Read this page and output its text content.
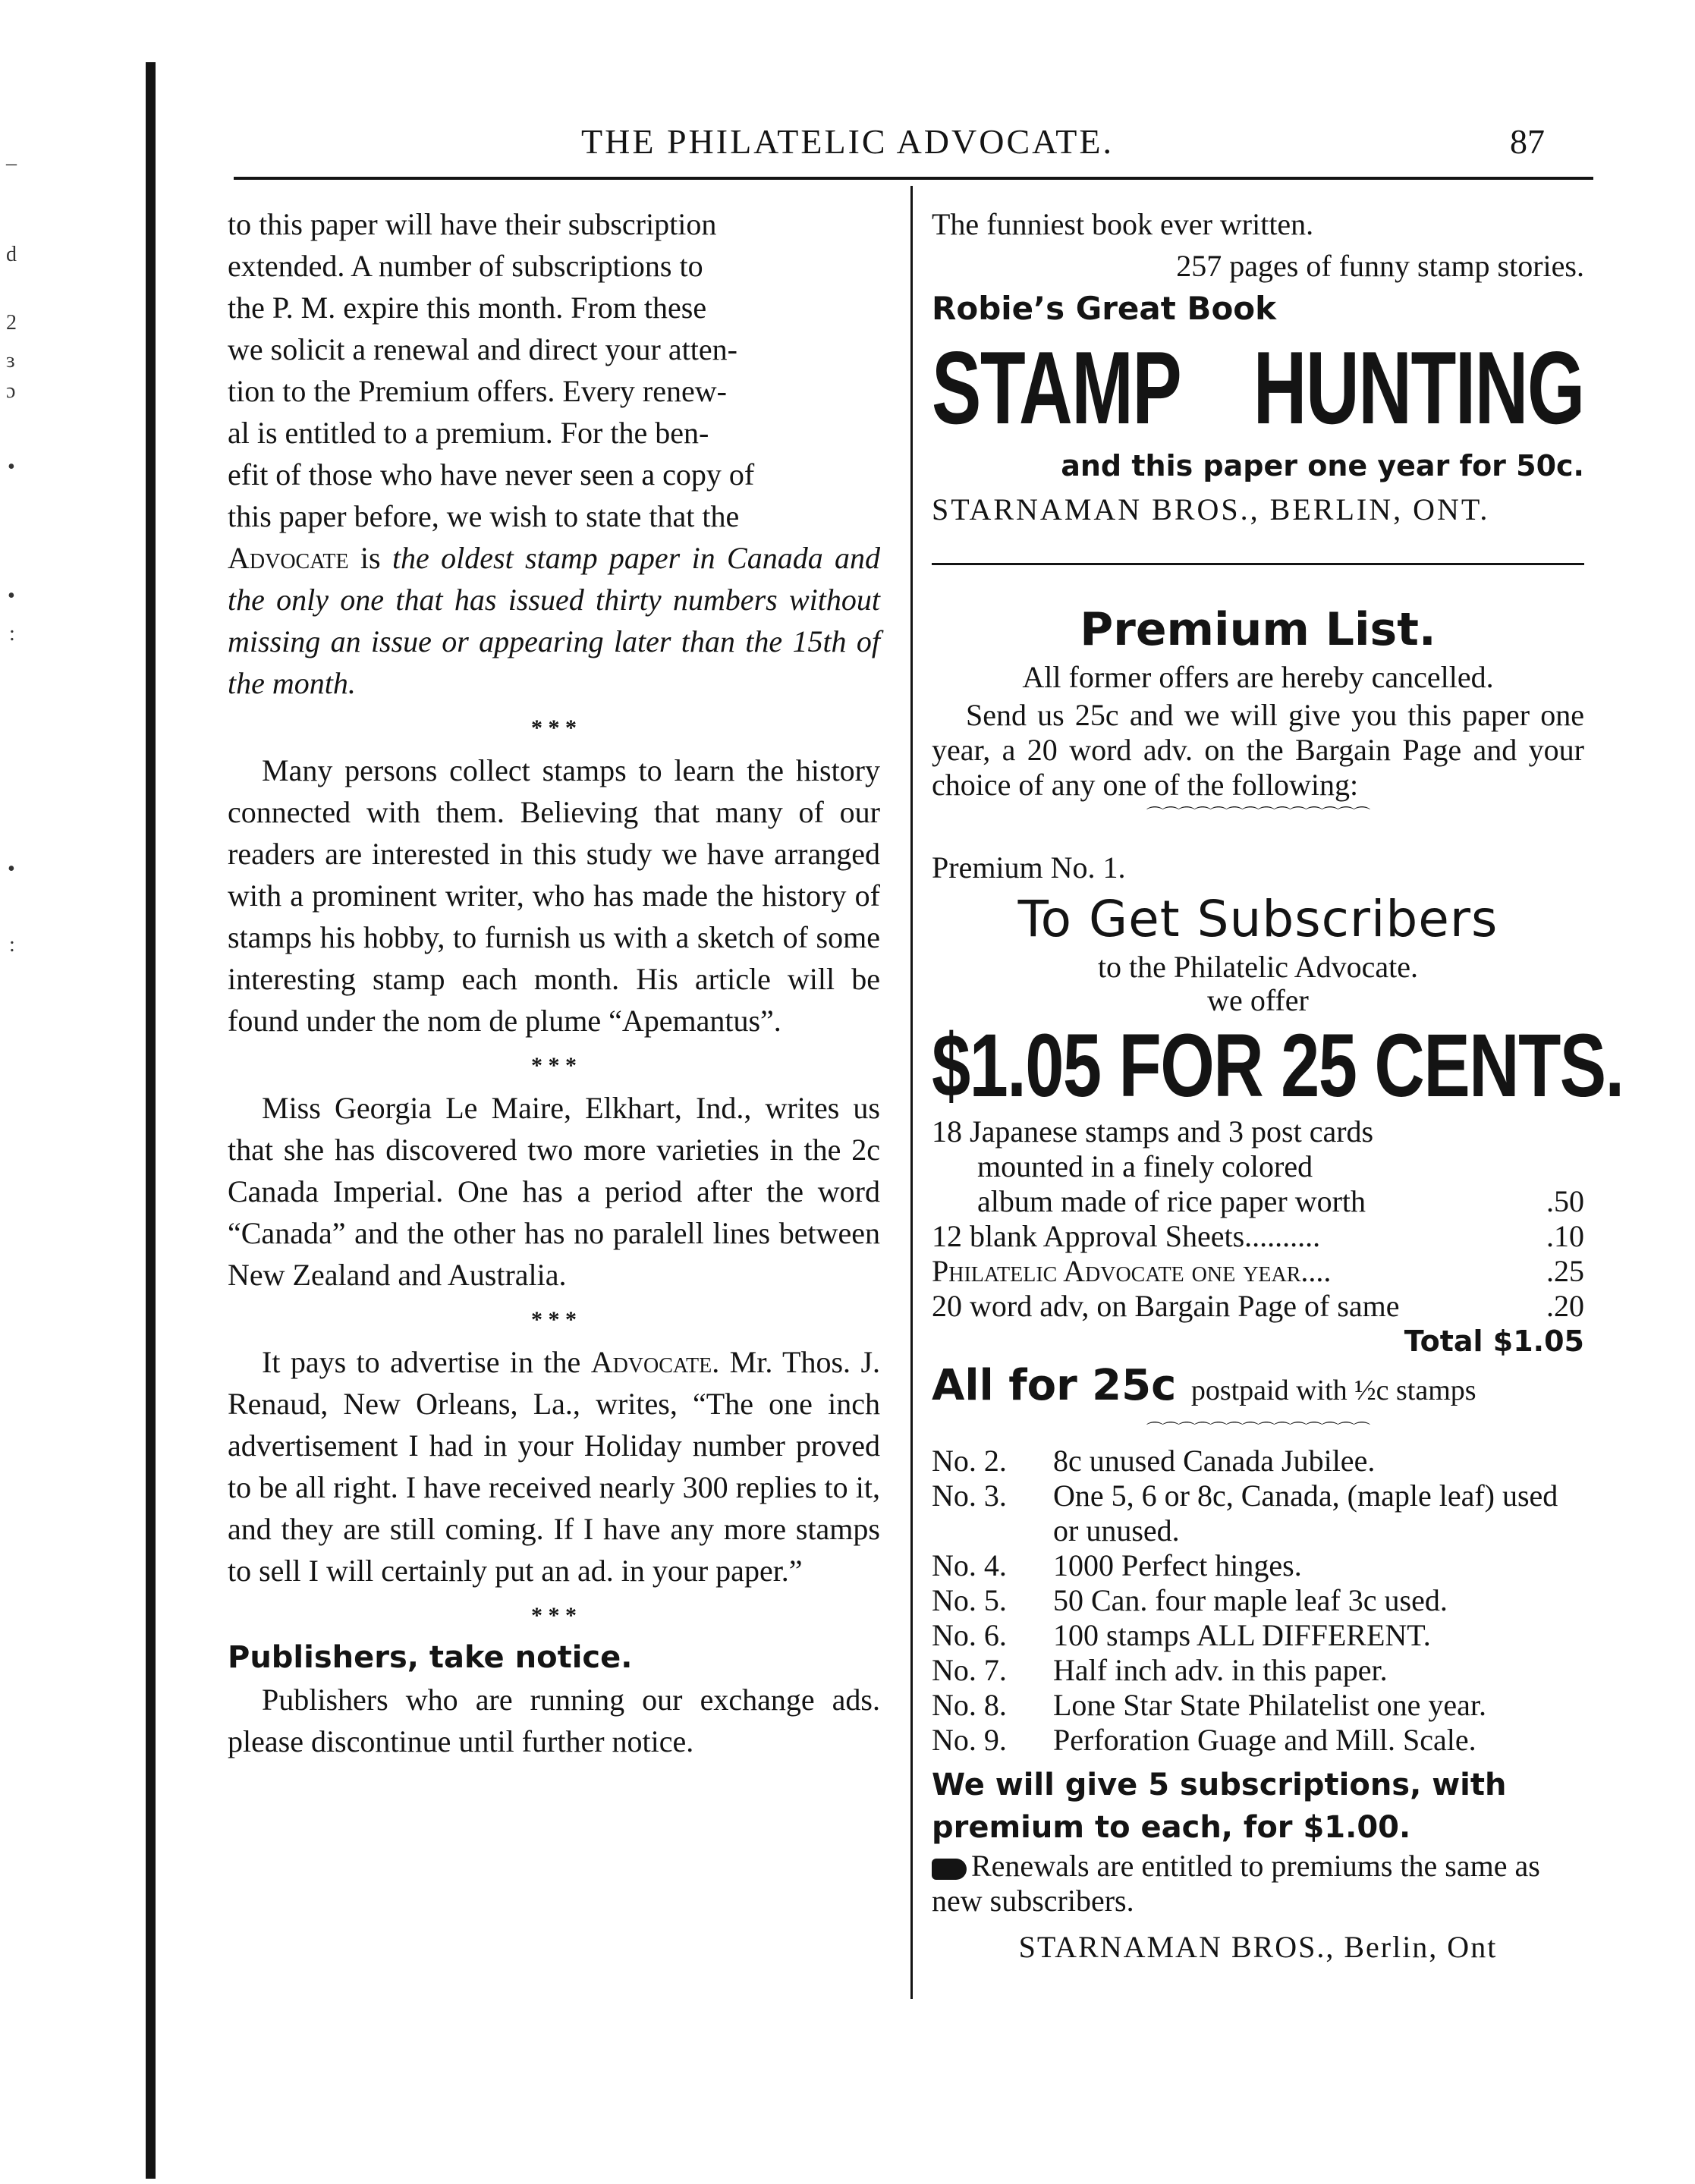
–
d
2
ɜ
ɔ
•
•
:
•
:
THE PHILATELIC ADVOCATE.	87

to this paper will have their subscription

extended. A number of subscriptions to

the P. M. expire this month. From these

we solicit a renewal and direct your atten-

tion to the Premium offers. Every renew-

al is entitled to a premium. For the ben-

efit of those who have never seen a copy of

this paper before, we wish to state that the

Advocate is the oldest stamp paper in Canada and the only one that has issued thirty numbers without missing an issue or appearing later than the 15th of the month.

* * *

Many persons collect stamps to learn the history connected with them. Believing that many of our readers are interested in this study we have arranged with a prominent writer, who has made the history of stamps his hobby, to furnish us with a sketch of some interesting stamp each month. His article will be found under the nom de plume “Apemantus”.

* * *

Miss Georgia Le Maire, Elkhart, Ind., writes us that she has discovered two more varieties in the 2c Canada Imperial. One has a period after the word “Canada” and the other has no paralell lines between New Zealand and Australia.

* * *

It pays to advertise in the Advocate. Mr. Thos. J. Renaud, New Orleans, La., writes, “The one inch advertisement I had in your Holiday number proved to be all right. I have received nearly 300 replies to it, and they are still coming. If I have any more stamps to sell I will certainly put an ad. in your paper.”

* * *

Publishers, take notice.

Publishers who are running our exchange ads. please discontinue until further notice.

The funniest book ever written.

257 pages of funny stamp stories.

Robie’s Great Book

STAMP HUNTING

and this paper one year for 50c.

STARNAMAN BROS., BERLIN, ONT.

Premium List.

All former offers are hereby cancelled.

Send us 25c and we will give you this paper one year, a 20 word adv. on the Bargain Page and your choice of any one of the following:

⌒⌒⌒⌒⌒⌒⌒⌒⌒⌒⌒⌒⌒⌒

Premium No. 1.

To Get Subscribers

to the Philatelic Advocate.

we offer

$1.05 FOR 25 CENTS.
18 Japanese stamps and 3 post cards
mounted in a finely colored
album made of rice paper worth	.50
12 blank Approval Sheets..........	.10
Philatelic Advocate one year....	.25
20 word adv, on Bargain Page of same	.20
Total $1.05

All for 25c postpaid with ½c stamps

⌒⌒⌒⌒⌒⌒⌒⌒⌒⌒⌒⌒⌒⌒

No. 2.	8c unused Canada Jubilee.
No. 3.	One 5, 6 or 8c, Canada, (maple leaf) used or unused.
No. 4.	1000 Perfect hinges.
No. 5.	50 Can. four maple leaf 3c used.
No. 6.	100 stamps ALL DIFFERENT.
No. 7.	Half inch adv. in this paper.
No. 8.	Lone Star State Philatelist one year.
No. 9.	Perforation Guage and Mill. Scale.

We will give 5 subscriptions, with premium to each, for $1.00.

Renewals are entitled to premiums the same as new subscribers.

STARNAMAN BROS., Berlin, Ont
